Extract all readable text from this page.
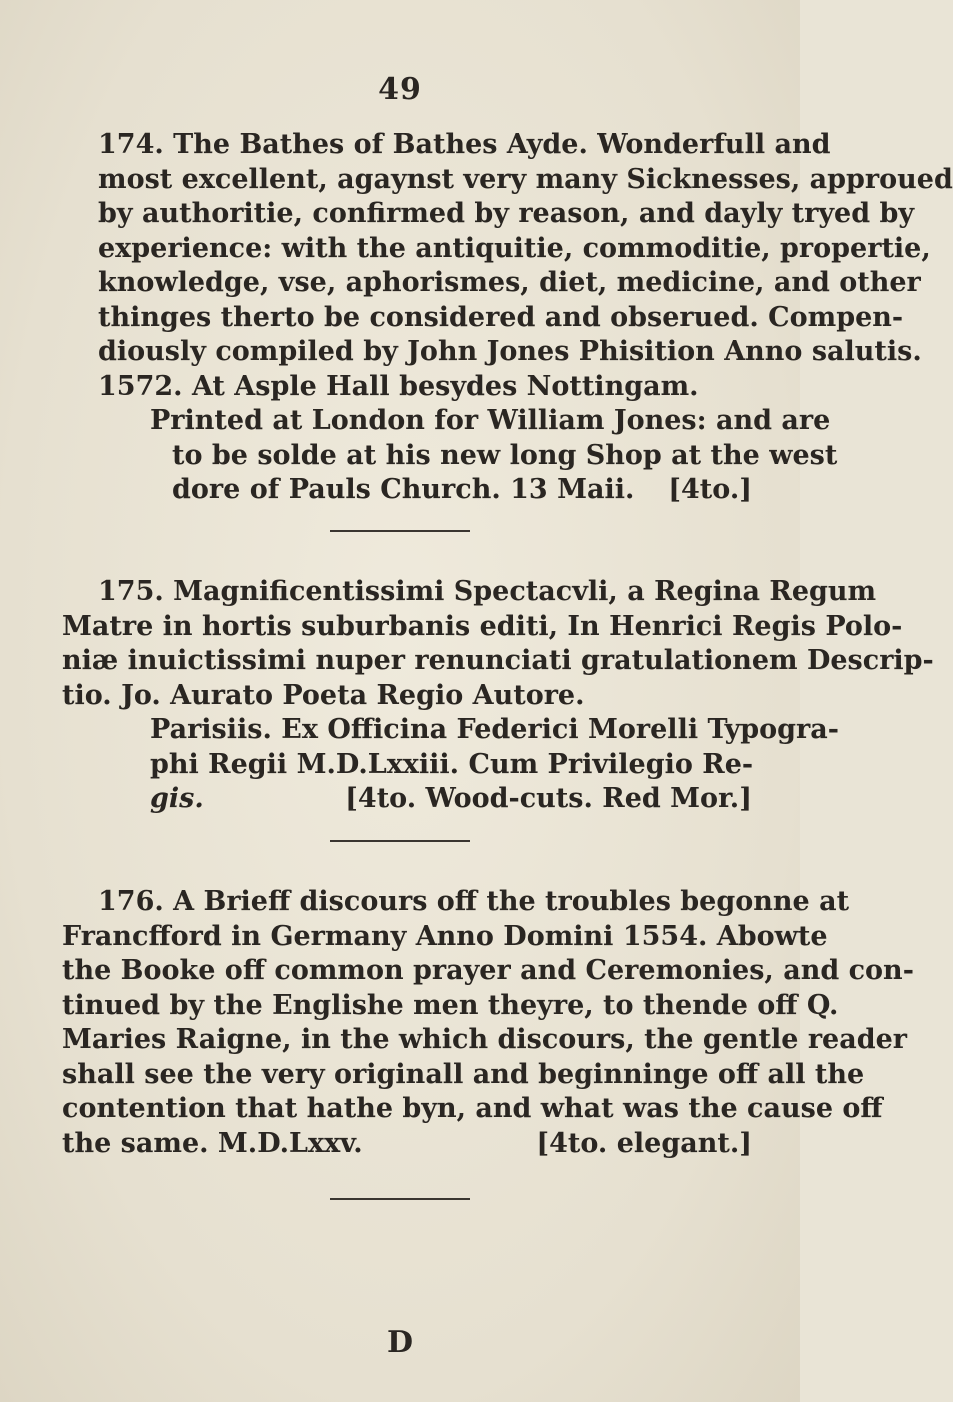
49
174. The Bathes of Bathes Ayde. Wonderfull and
most excellent, agaynst very many Sicknesses, approued
by authoritie, confirmed by reason, and dayly tryed by
experience: with the antiquitie, commoditie, propertie,
knowledge, vse, aphorismes, diet, medicine, and other
thinges therto be considered and obserued. Compen-
diously compiled by John Jones Phisition Anno salutis.
1572. At Asple Hall besydes Nottingam.
Printed at London for William Jones: and are
to be solde at his new long Shop at the west
dore of Pauls Church. 13 Maii. [4to.]
175. Magnificentissimi Spectacvli, a Regina Regum
Matre in hortis suburbanis editi, In Henrici Regis Polo-
niæ inuictissimi nuper renunciati gratulationem Descrip-
tio. Jo. Aurato Poeta Regio Autore.
Parisiis. Ex Officina Federici Morelli Typogra-
phi Regii M.D.Lxxiii. Cum Privilegio Re-
gis.	[4to. Wood-cuts. Red Mor.]
176. A Brieff discours off the troubles begonne at
Francfford in Germany Anno Domini 1554. Abowte
the Booke off common prayer and Ceremonies, and con-
tinued by the Englishe men theyre, to thende off Q.
Maries Raigne, in the which discours, the gentle reader
shall see the very originall and beginninge off all the
contention that hathe byn, and what was the cause off
the same. M.D.Lxxv.	[4to. elegant.]
D
